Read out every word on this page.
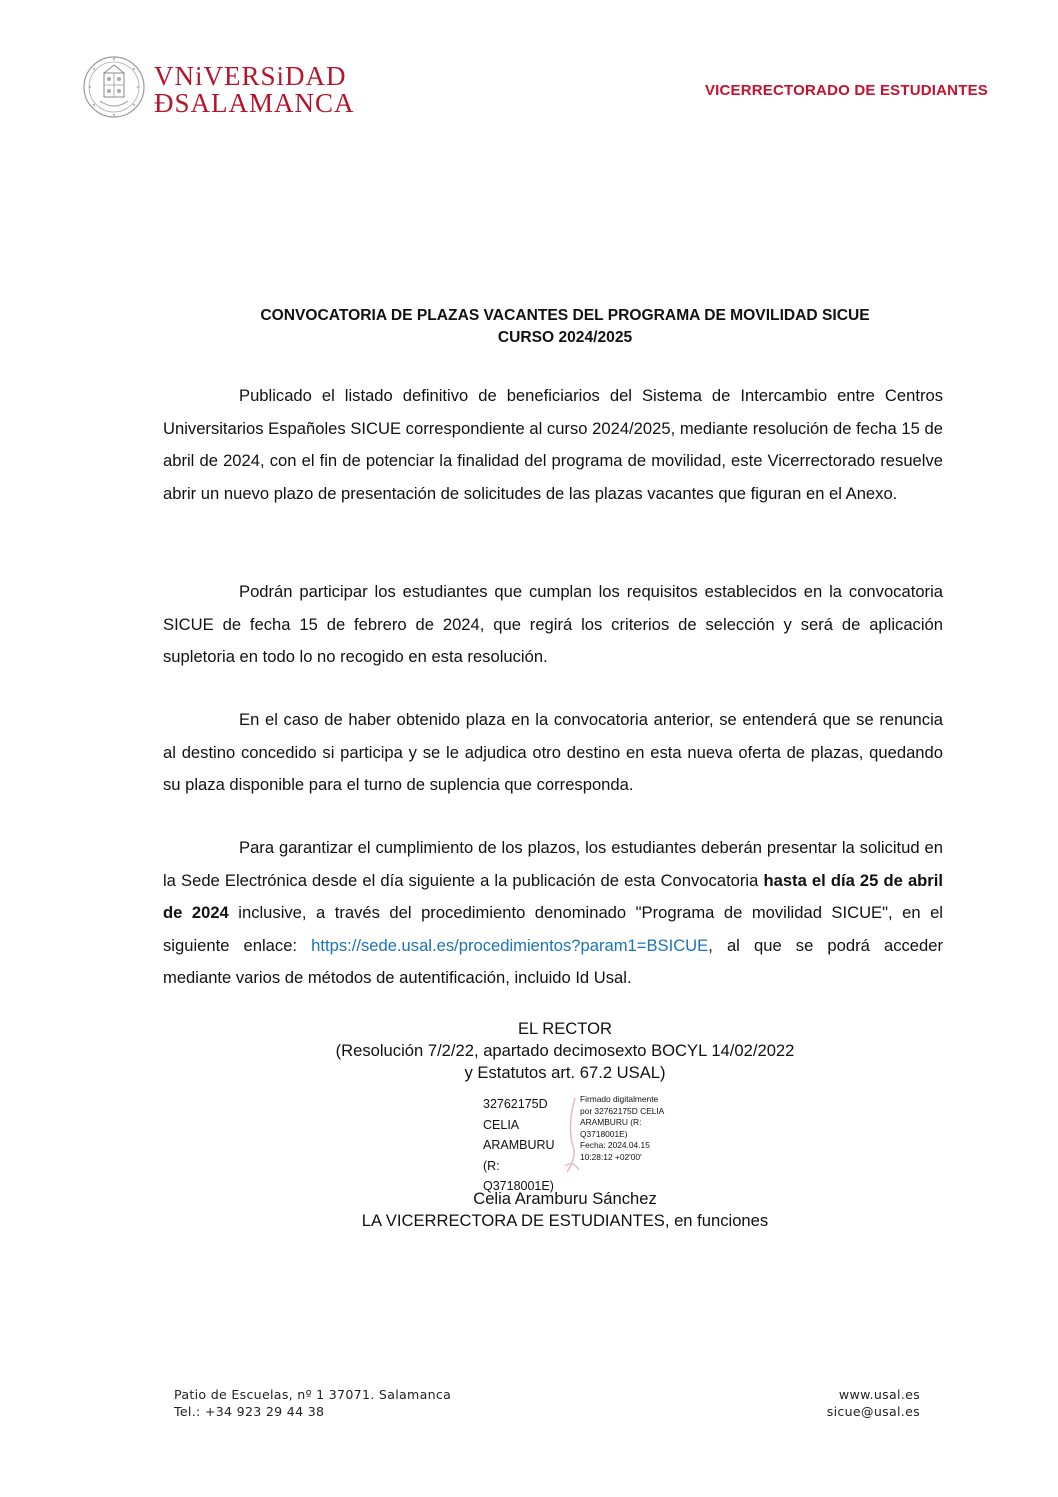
VNiVERSiDAD
ÐSALAMANCA	VICERRECTORADO DE ESTUDIANTES
CONVOCATORIA DE PLAZAS VACANTES DEL PROGRAMA DE MOVILIDAD SICUE
CURSO 2024/2025
Publicado el listado definitivo de beneficiarios del Sistema de Intercambio entre Centros Universitarios Españoles SICUE correspondiente al curso 2024/2025, mediante resolución de fecha 15 de abril de 2024, con el fin de potenciar la finalidad del programa de movilidad, este Vicerrectorado resuelve abrir un nuevo plazo de presentación de solicitudes de las plazas vacantes que figuran en el Anexo.
Podrán participar los estudiantes que cumplan los requisitos establecidos en la convocatoria SICUE de fecha 15 de febrero de 2024, que regirá los criterios de selección y será de aplicación supletoria en todo lo no recogido en esta resolución.
En el caso de haber obtenido plaza en la convocatoria anterior, se entenderá que se renuncia al destino concedido si participa y se le adjudica otro destino en esta nueva oferta de plazas, quedando su plaza disponible para el turno de suplencia que corresponda.
Para garantizar el cumplimiento de los plazos, los estudiantes deberán presentar la solicitud en la Sede Electrónica desde el día siguiente a la publicación de esta Convocatoria hasta el día 25 de abril de 2024 inclusive, a través del procedimiento denominado "Programa de movilidad SICUE", en el siguiente enlace: https://sede.usal.es/procedimientos?param1=BSICUE, al que se podrá acceder mediante varios de métodos de autentificación, incluido Id Usal.
EL RECTOR
(Resolución 7/2/22, apartado decimosexto BOCYL 14/02/2022
y Estatutos art. 67.2 USAL)
32762175D
CELIA
ARAMBURU (R:
Q3718001E)
Firmado digitalmente
por 32762175D CELIA
ARAMBURU (R:
Q3718001E)
Fecha: 2024.04.15
10:28:12 +02'00'
Celia Aramburu Sánchez
LA VICERRECTORA DE ESTUDIANTES, en funciones
Patio de Escuelas, nº 1 37071. Salamanca
Tel.: +34 923 29 44 38
www.usal.es
sicue@usal.es
